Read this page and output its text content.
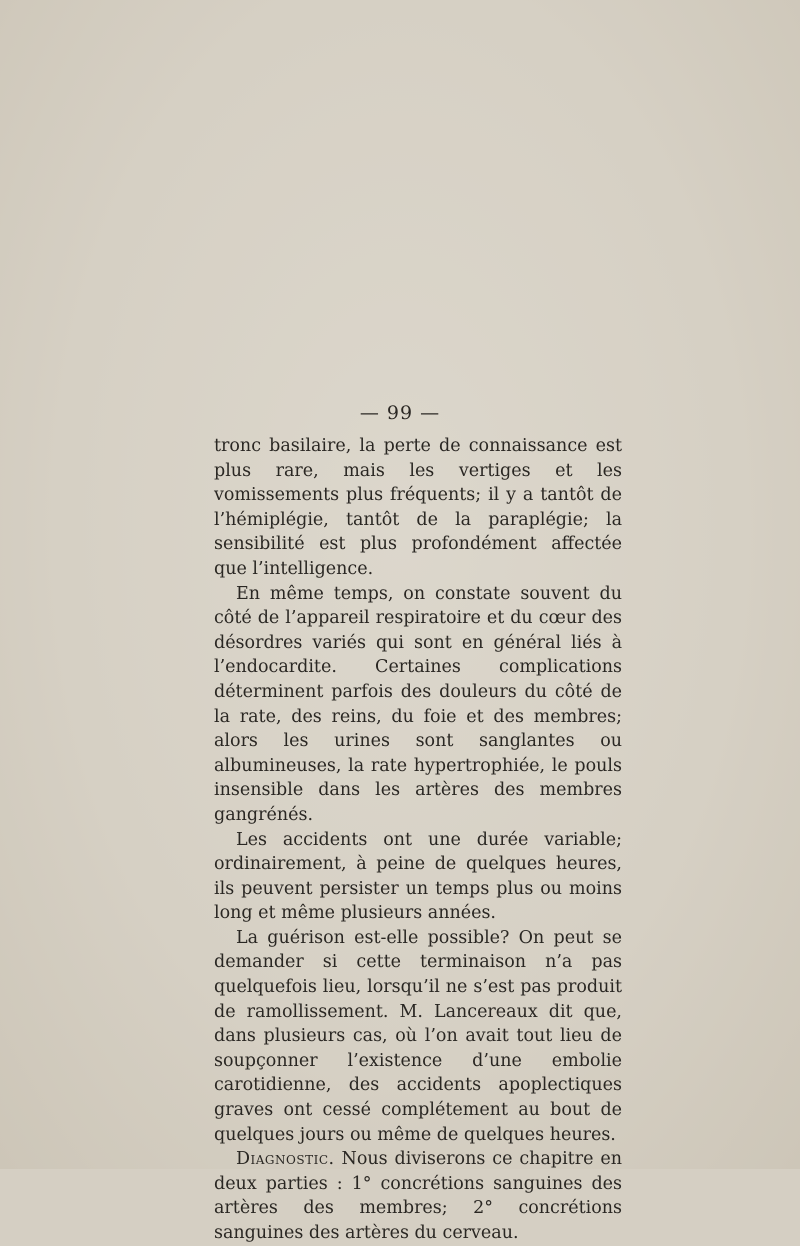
— 99 —

tronc basilaire, la perte de connaissance est plus rare, mais les vertiges et les vomissements plus fréquents; il y a tantôt de l’hémiplégie, tantôt de la paraplégie; la sensibilité est plus profondément affectée que l’intelligence.

En même temps, on constate souvent du côté de l’appareil respiratoire et du cœur des désordres variés qui sont en général liés à l’endocardite. Certaines complications déterminent parfois des douleurs du côté de la rate, des reins, du foie et des membres; alors les urines sont sanglantes ou albumineuses, la rate hypertrophiée, le pouls insensible dans les artères des membres gangrénés.

Les accidents ont une durée variable; ordinairement, à peine de quelques heures, ils peuvent persister un temps plus ou moins long et même plusieurs années.

La guérison est-elle possible? On peut se demander si cette terminaison n’a pas quelquefois lieu, lorsqu’il ne s’est pas produit de ramollissement. M. Lancereaux dit que, dans plusieurs cas, où l’on avait tout lieu de soupçonner l’existence d’une embolie carotidienne, des accidents apoplectiques graves ont cessé complétement au bout de quelques jours ou même de quelques heures.

Diagnostic. Nous diviserons ce chapitre en deux parties : 1° concrétions sanguines des artères des membres; 2° concrétions sanguines des artères du cerveau.
